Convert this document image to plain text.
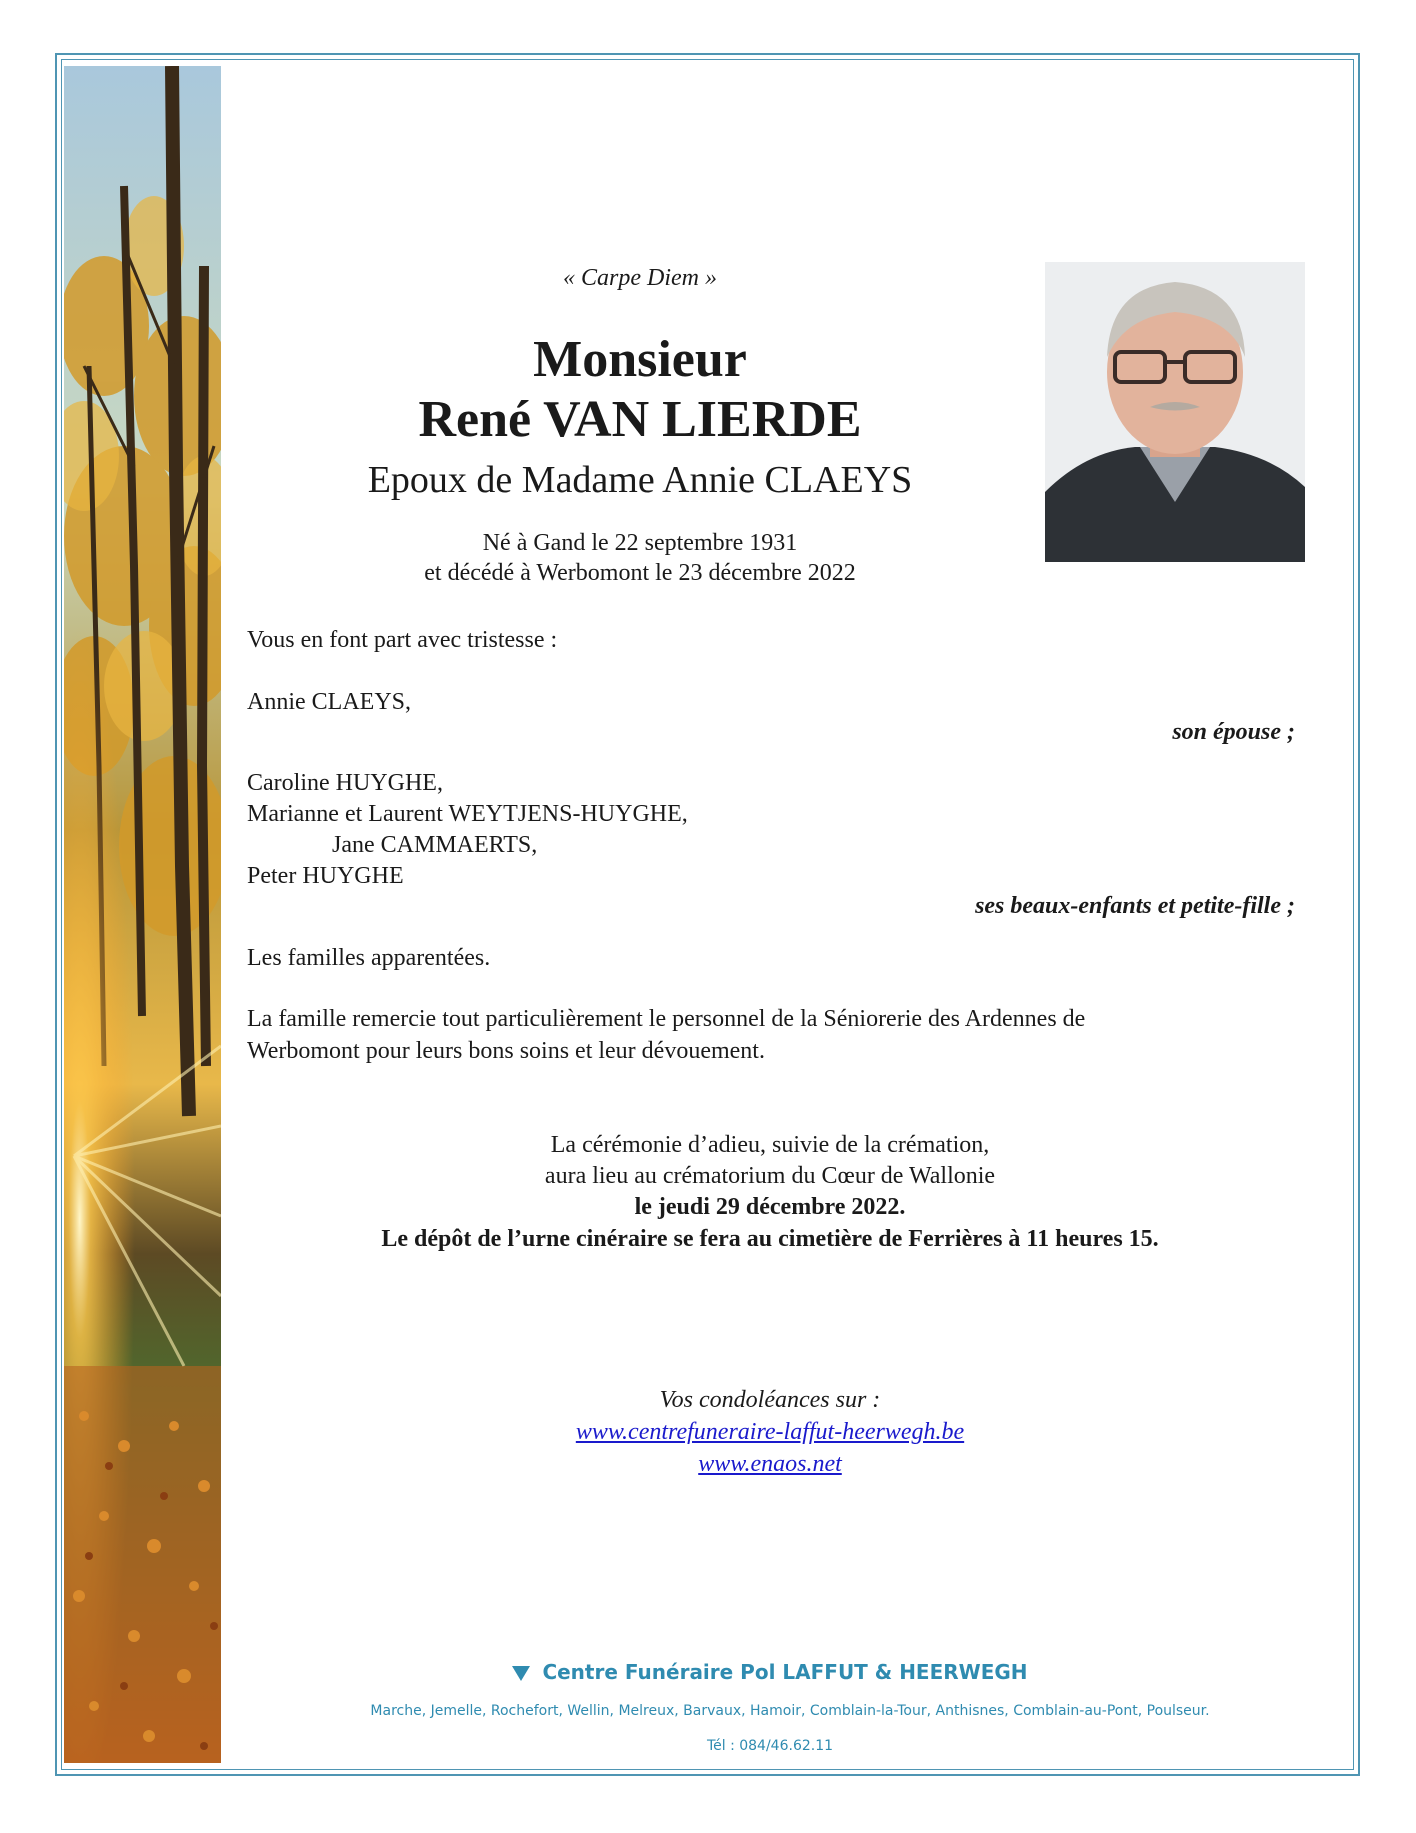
« Carpe Diem »
Monsieur
René VAN LIERDE
Epoux de Madame Annie CLAEYS
Né à Gand le 22 septembre 1931
et décédé à Werbomont le 23 décembre 2022
Vous en font part avec tristesse :
Annie CLAEYS,
son épouse ;
Caroline HUYGHE,
Marianne et Laurent WEYTJENS-HUYGHE,
Jane CAMMAERTS,
Peter HUYGHE
ses beaux-enfants et petite-fille ;
Les familles apparentées.
La famille remercie tout particulièrement le personnel de la Séniorerie des Ardennes de
Werbomont pour leurs bons soins et leur dévouement.
La cérémonie d’adieu, suivie de la crémation,
aura lieu au crématorium du Cœur de Wallonie
le jeudi 29 décembre 2022.
Le dépôt de l’urne cinéraire se fera au cimetière de Ferrières à 11 heures 15.
Vos condoléances sur :
www.centrefuneraire-laffut-heerwegh.be
www.enaos.net
Centre Funéraire Pol LAFFUT & HEERWEGH
Marche, Jemelle, Rochefort, Wellin, Melreux, Barvaux, Hamoir, Comblain-la-Tour, Anthisnes, Comblain-au-Pont, Poulseur.
Tél : 084/46.62.11
